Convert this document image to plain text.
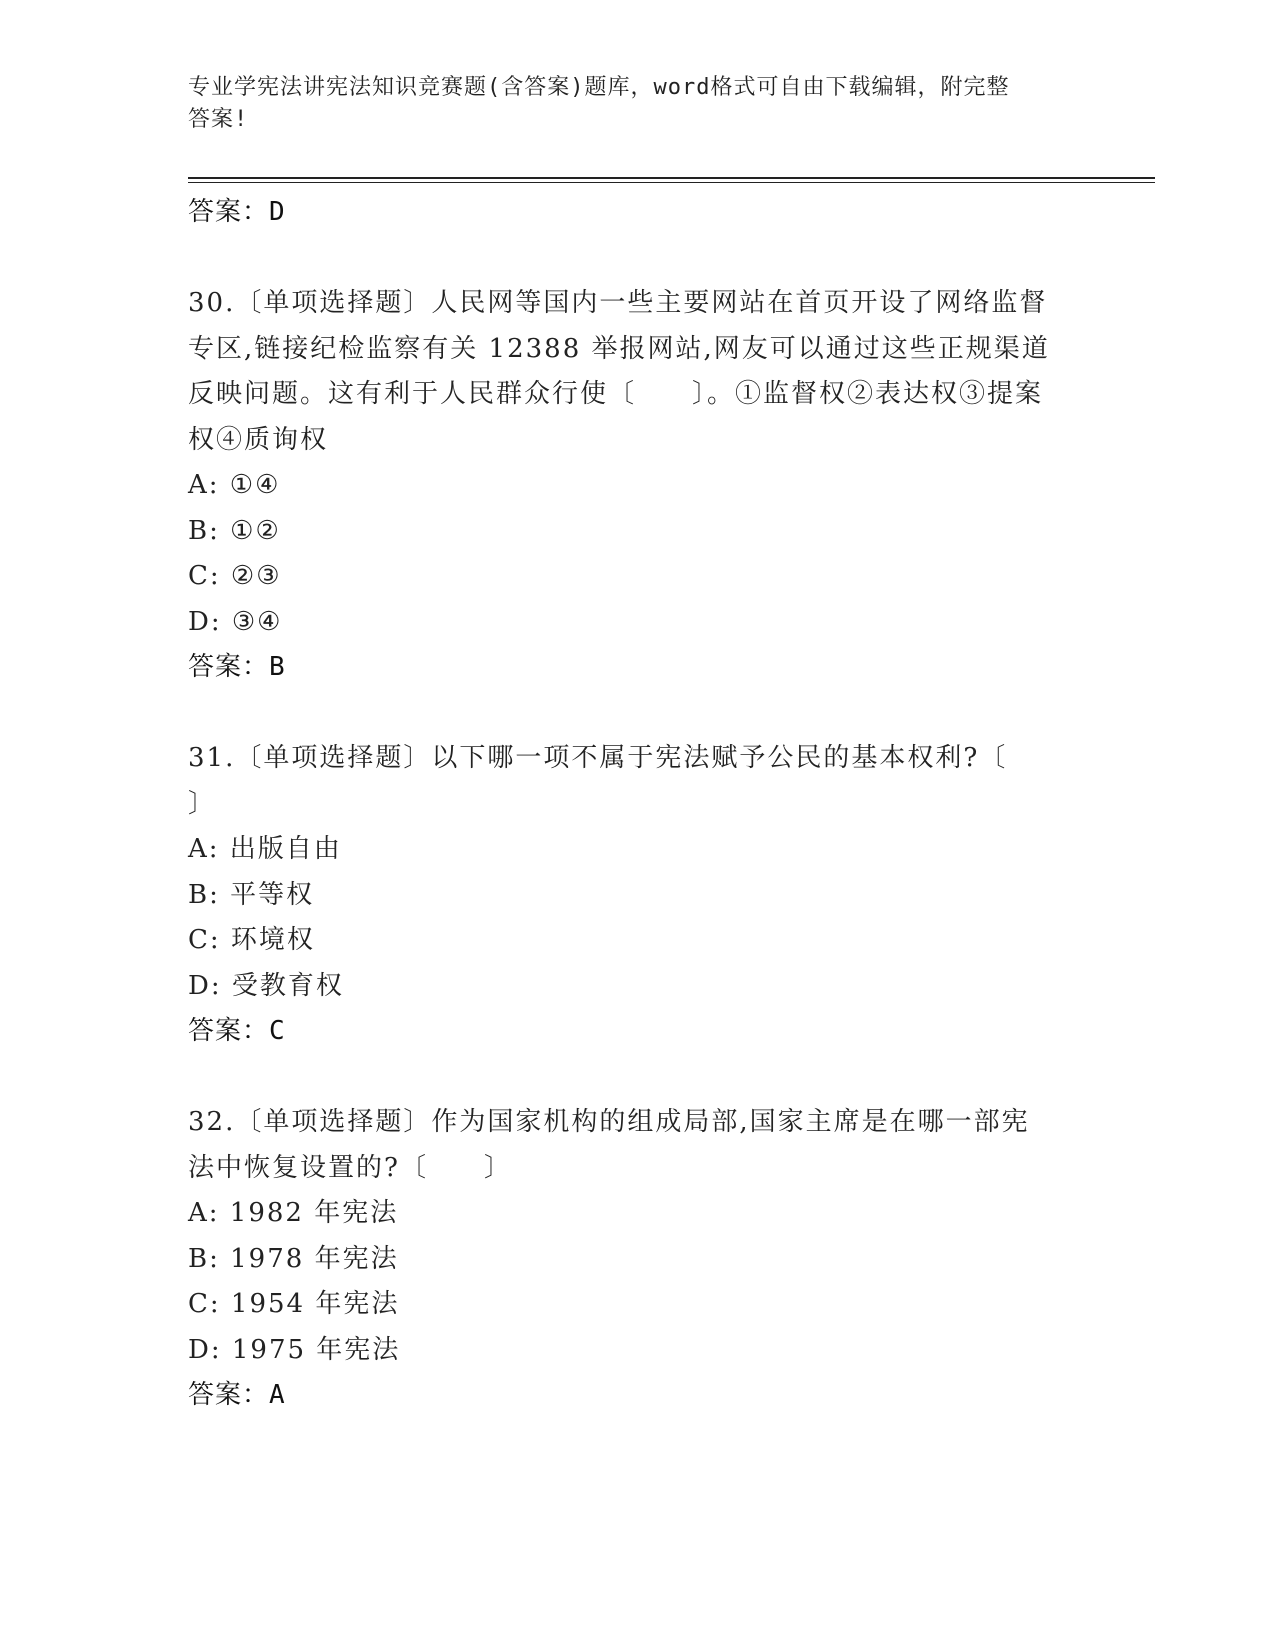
专业学宪法讲宪法知识竞赛题(含答案)题库，word格式可自由下载编辑，附完整
答案!
答案：D
30.〔单项选择题〕人民网等国内一些主要网站在首页开设了网络监督
专区,链接纪检监察有关 12388 举报网站,网友可以通过这些正规渠道
反映问题。这有利于人民群众行使〔　　〕。①监督权②表达权③提案
权④质询权
A: ①④
B: ①②
C: ②③
D: ③④
答案：B
31.〔单项选择题〕以下哪一项不属于宪法赋予公民的基本权利?〔
〕
A: 出版自由
B: 平等权
C: 环境权
D: 受教育权
答案：C
32.〔单项选择题〕作为国家机构的组成局部,国家主席是在哪一部宪
法中恢复设置的?〔　　〕
A: 1982 年宪法
B: 1978 年宪法
C: 1954 年宪法
D: 1975 年宪法
答案：A
